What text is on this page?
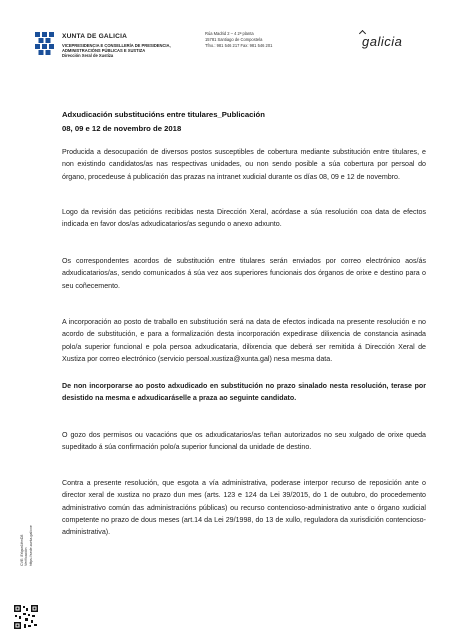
XUNTA DE GALICIA
VICEPRESIDENCIA E CONSELLERÍA DE PRESIDENCIA,
ADMINISTRACIÓNS PÚBLICAS E XUSTIZA
Dirección Xeral de Xustiza
Rúa Madrid 2 – 4 2ª planta
15781 Santiago de Compostela
Tfno.: 981 546 217 Fax: 981 546 201	galicia
Adxudicación substitucións entre titulares_Publicación
08, 09 e 12 de novembro de 2018
Producida a desocupación de diversos postos susceptibles de cobertura mediante substitución entre titulares, e non existindo candidatos/as nas respectivas unidades, ou non sendo posible a súa cobertura por persoal do órgano, procedeuse á publicación das prazas na intranet xudicial durante os días 08, 09 e 12 de novembro.
Logo da revisión das peticións recibidas nesta Dirección Xeral, acórdase a súa resolución coa data de efectos indicada en favor dos/as adxudicatarios/as segundo o anexo adxunto.
Os correspondentes acordos de substitución entre titulares serán enviados por correo electrónico aos/ás adxudicatarios/as, sendo comunicados á súa vez aos superiores funcionais dos órganos de orixe e destino para o seu coñecemento.
A incorporación ao posto de traballo en substitución será na data de efectos indicada na presente resolución e no acordo de substitución, e para a formalización desta incorporación expedirase dilixencia de constancia asinada polo/a superior funcional e pola persoa adxudicataria, dilixencia que deberá ser remitida á Dirección Xeral de Xustiza por correo electrónico (servicio persoal.xustiza@xunta.gal) nesa mesma data.
De non incorporarse ao posto adxudicado en substitución no prazo sinalado nesta resolución, terase por desistido na mesma e adxudicaráselle a praza ao seguinte candidato.
O gozo dos permisos ou vacacións que os adxudicatarios/as teñan autorizados no seu xulgado de orixe queda supeditado á súa confirmación polo/a superior funcional da unidade de destino.
Contra a presente resolución, que esgota a vía administrativa, poderase interpor recurso de reposición ante o director xeral de xustiza no prazo dun mes (arts. 123 e 124 da Lei 39/2015, do 1 de outubro, do procedemento administrativo común das administracións públicas) ou recurso contencioso-administrativo ante o órgano xudicial competente no prazo de dous meses (art.14 da Lei 29/1998, do 13 de xullo, reguladora da xurisdición contencioso-administrativa).
CVE: 8Yqsw1thnD8 Verificación: https://sede.xunta.gal/cve
